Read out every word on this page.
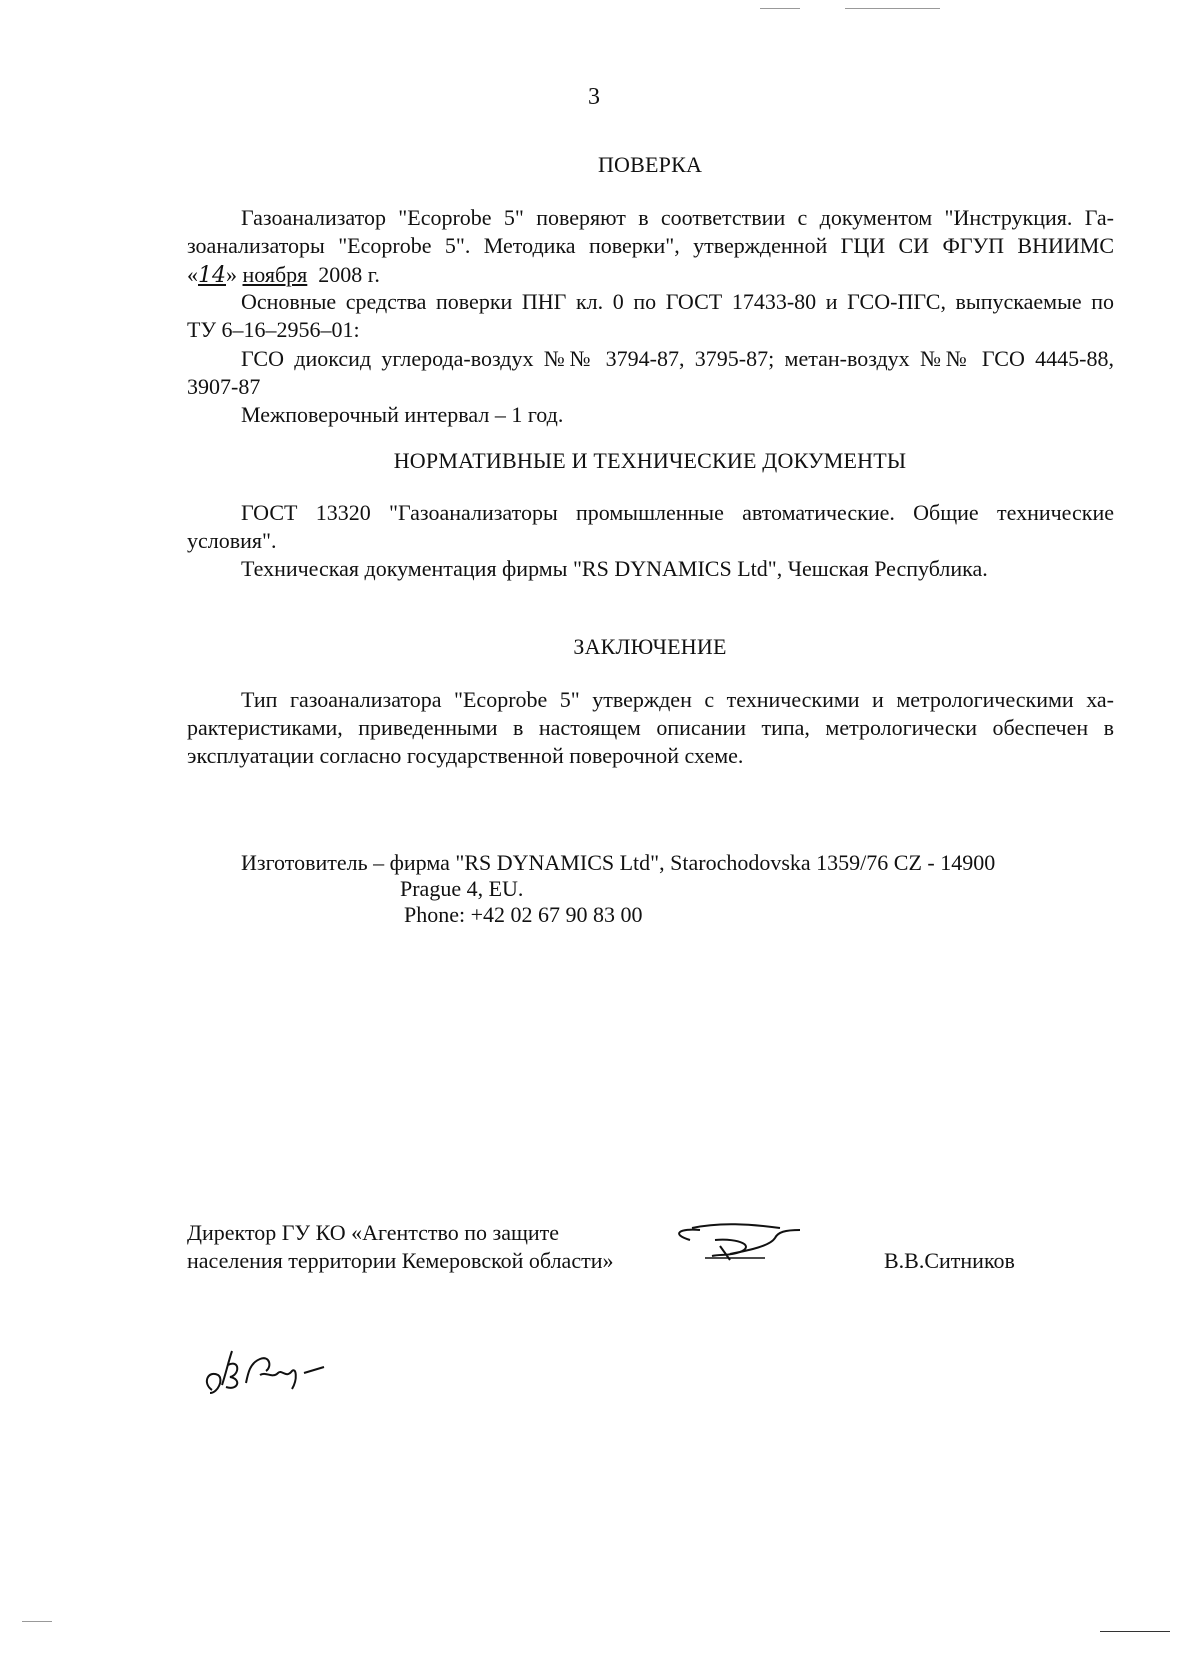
3
ПОВЕРКА
Газоанализатор "Ecoprobe 5" поверяют в соответствии с документом "Инструкция. Га-
зоанализаторы "Ecoprobe 5". Методика поверки", утвержденной ГЦИ СИ ФГУП ВНИИМС
«14» ноября 2008 г.
Основные средства поверки ПНГ кл. 0 по ГОСТ 17433-80 и ГСО-ПГС, выпускаемые по
ТУ 6–16–2956–01:
ГСО диоксид углерода-воздух №№ 3794-87, 3795-87; метан-воздух №№ ГСО 4445-88,
3907-87
Межповерочный интервал – 1 год.
НОРМАТИВНЫЕ И ТЕХНИЧЕСКИЕ ДОКУМЕНТЫ
ГОСТ 13320 "Газоанализаторы промышленные автоматические. Общие технические
условия".
Техническая документация фирмы "RS DYNAMICS Ltd", Чешская Республика.
ЗАКЛЮЧЕНИЕ
Тип газоанализатора "Ecoprobe 5" утвержден с техническими и метрологическими ха-
рактеристиками, приведенными в настоящем описании типа, метрологически обеспечен в
эксплуатации согласно государственной поверочной схеме.
Изготовитель – фирма "RS DYNAMICS Ltd", Starochodovska 1359/76 CZ - 14900
Prague 4, EU.
Phone: +42 02 67 90 83 00
Директор ГУ КО «Агентство по защите
населения территории Кемеровской области»	В.В.Ситников
